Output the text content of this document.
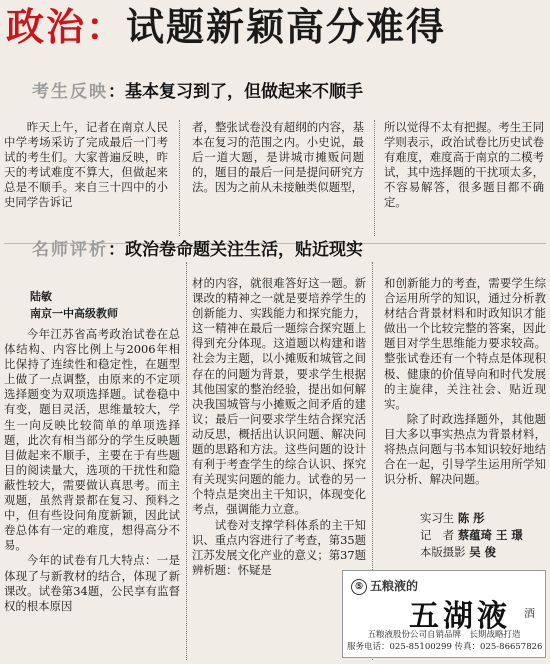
政治：试题新颖高分难得
考生反映：基本复习到了，但做起来不顺手

昨天上午，记者在南京人民中学考场采访了完成最后一门考试的考生们。大家普遍反映，昨天的考试难度不算大，但做起来总是不顺手。来自三十四中的小史同学告诉记

者，整张试卷没有超纲的内容，基本在复习的范围之内。小史说，最后一道大题，是讲城市摊贩问题的，题目的最后一问是提问研究方法。因为之前从未接触类似题型，

所以觉得不太有把握。考生王同学则表示，政治试卷比历史试卷有难度，难度高于南京的二模考试，其中选择题的干扰项太多，不容易解答，很多题目都不确定。

名师评析：政治卷命题关注生活，贴近现实
陆敏
南京一中高级教师

今年江苏省高考政治试卷在总体结构、内容比例上与2006年相比保持了连续性和稳定性，在题型上做了一点调整，由原来的不定项选择题变为双项选择题。试卷稳中有变，题目灵活，思维量较大，学生一向反映比较简单的单项选择题，此次有相当部分的学生反映题目做起来不顺手，主要在于有些题目的阅读量大，选项的干扰性和隐蔽性较大，需要做认真思考。而主观题，虽然背景都在复习、预料之中，但有些设问角度新颖，因此试卷总体有一定的难度，想得高分不易。

今年的试卷有几大特点：一是体现了与新教材的结合，体现了新课改。试卷第34题，公民享有监督权的根本原因

材的内容，就很难答好这一题。新课改的精神之一就是要培养学生的创新能力、实践能力和探究能力，这一精神在最后一题综合探究题上得到充分体现。这道题以构建和谐社会为主题，以小摊贩和城管之间存在的问题为背景，要求学生根据其他国家的整治经验，提出如何解决我国城管与小摊贩之间矛盾的建议；最后一问要求学生结合探究活动反思，概括出认识问题、解决问题的思路和方法。这些问题的设计有利于考查学生的综合认识、探究有关现实问题的能力。试卷的另一个特点是突出主干知识，体现变化考点，强调能力立意。

试卷对支撑学科体系的主干知识、重点内容进行了考查，第35题江苏发展文化产业的意义；第37题辨析题：怀疑是

和创新能力的考查，需要学生综合运用所学的知识，通过分析教材结合背景材料和时政知识才能做出一个比较完整的答案，因此题目对学生思维能力要求较高。整张试卷还有一个特点是体现积极、健康的价值导向和时代发展的主旋律，关注社会、贴近现实。

除了时政选择题外，其他题目大多以事实热点为背景材料，将热点问题与书本知识较好地结合在一起，引导学生运用所学知识分析、解决问题。

实习生 陈 彤
记　者 蔡蕴琦 王 璟
本版摄影 吴 俊
⑤ 五粮液的
五湖液 酒
五粮液股份公司自销品牌　长期战略打造
服务电话：025-85100299 传真：025-86657826
